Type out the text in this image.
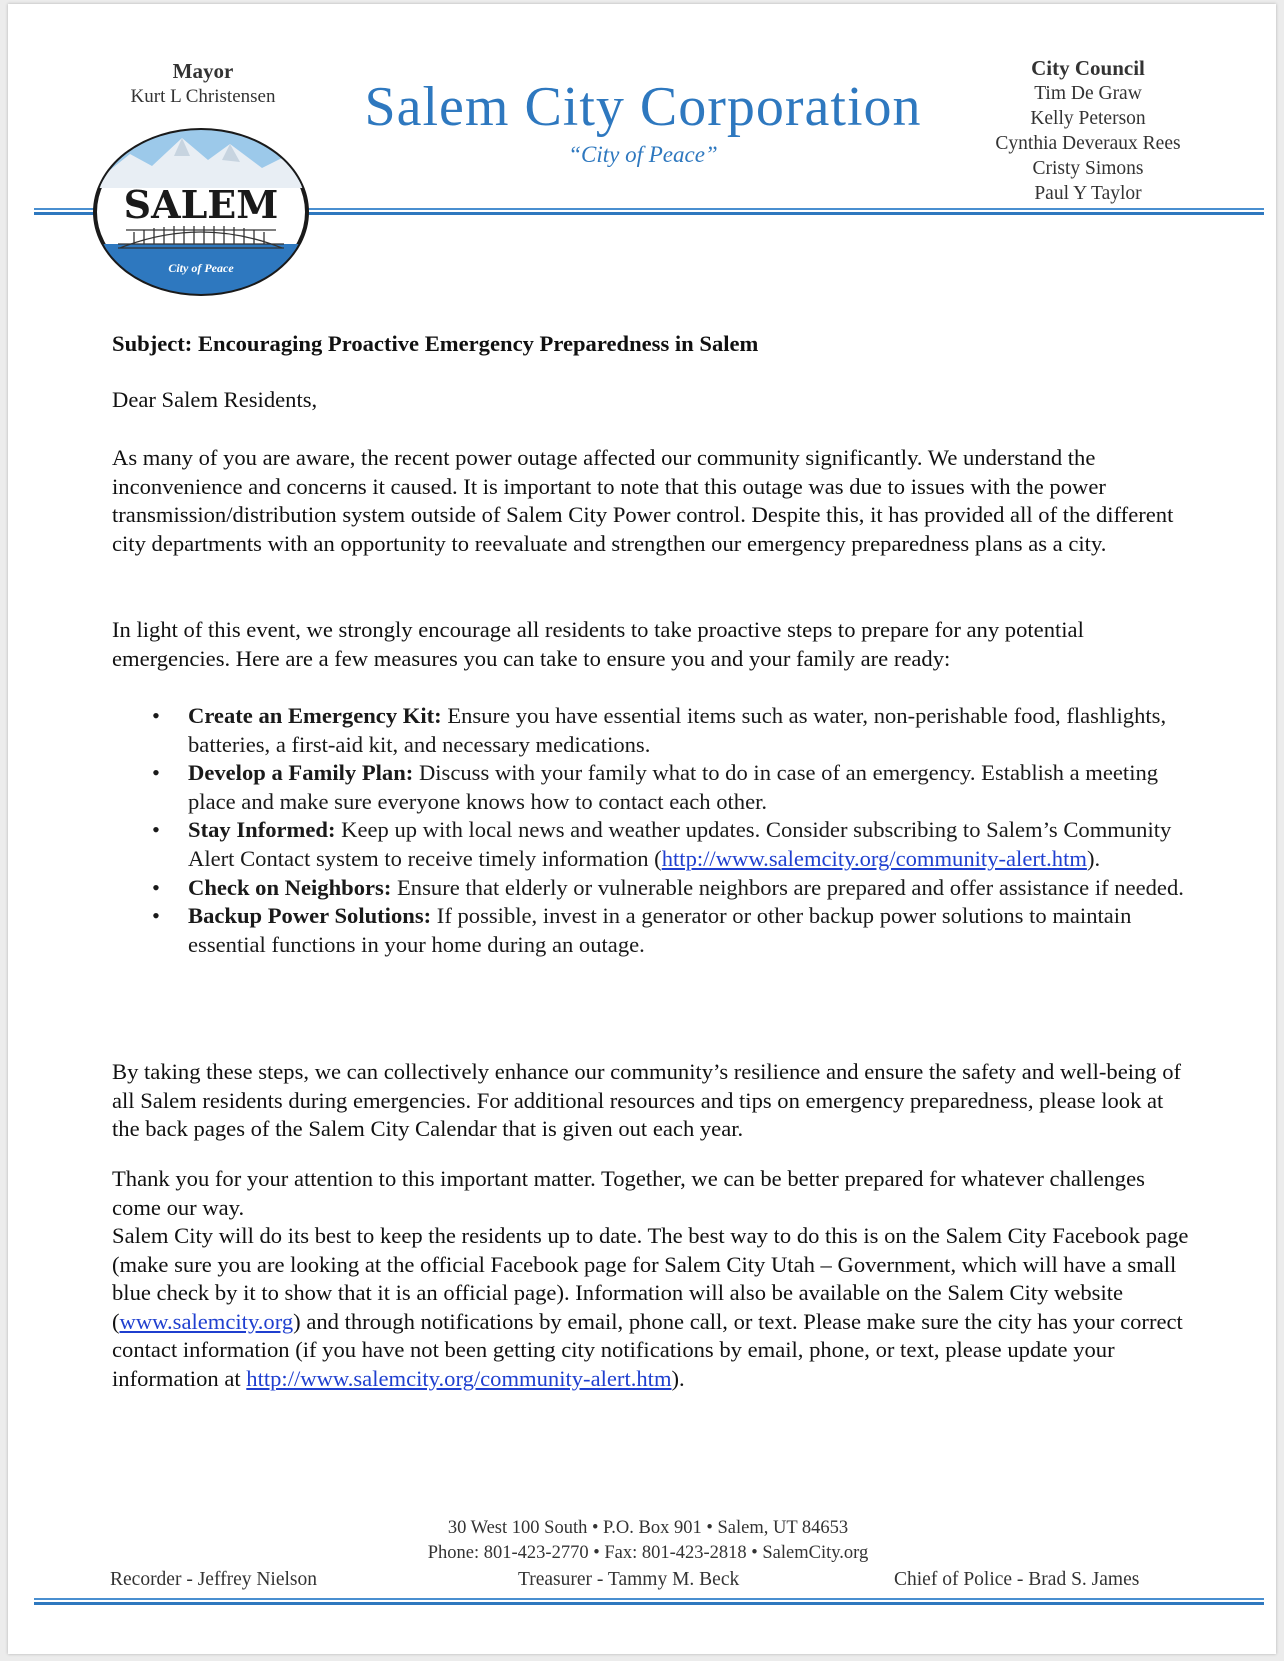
Mayor
Kurt L Christensen	Salem City Corporation
“City of Peace”
City Council
Tim De Graw
Kelly Peterson
Cynthia Deveraux Rees
Cristy Simons
Paul Y Taylor
SALEM
City of Peace
Subject: Encouraging Proactive Emergency Preparedness in Salem
Dear Salem Residents,
As many of you are aware, the recent power outage affected our community significantly. We understand the inconvenience and concerns it caused. It is important to note that this outage was due to issues with the power transmission/distribution system outside of Salem City Power control. Despite this, it has provided all of the different city departments with an opportunity to reevaluate and strengthen our emergency preparedness plans as a city.
In light of this event, we strongly encourage all residents to take proactive steps to prepare for any potential emergencies. Here are a few measures you can take to ensure you and your family are ready:
• Create an Emergency Kit: Ensure you have essential items such as water, non-perishable food, flashlights, batteries, a first-aid kit, and necessary medications.
• Develop a Family Plan: Discuss with your family what to do in case of an emergency. Establish a meeting place and make sure everyone knows how to contact each other.
• Stay Informed: Keep up with local news and weather updates. Consider subscribing to Salem’s Community Alert Contact system to receive timely information (http://www.salemcity.org/community-alert.htm).
• Check on Neighbors: Ensure that elderly or vulnerable neighbors are prepared and offer assistance if needed.
• Backup Power Solutions: If possible, invest in a generator or other backup power solutions to maintain essential functions in your home during an outage.
By taking these steps, we can collectively enhance our community’s resilience and ensure the safety and well-being of all Salem residents during emergencies. For additional resources and tips on emergency preparedness, please look at the back pages of the Salem City Calendar that is given out each year.
Thank you for your attention to this important matter. Together, we can be better prepared for whatever challenges come our way.
Salem City will do its best to keep the residents up to date. The best way to do this is on the Salem City Facebook page (make sure you are looking at the official Facebook page for Salem City Utah – Government, which will have a small blue check by it to show that it is an official page). Information will also be available on the Salem City website (www.salemcity.org) and through notifications by email, phone call, or text. Please make sure the city has your correct contact information (if you have not been getting city notifications by email, phone, or text, please update your information at http://www.salemcity.org/community-alert.htm).
30 West 100 South • P.O. Box 901 • Salem, UT 84653
Phone: 801-423-2770 • Fax: 801-423-2818 • SalemCity.org
Recorder - Jeffrey Nielson	Treasurer - Tammy M. Beck	Chief of Police - Brad S. James
